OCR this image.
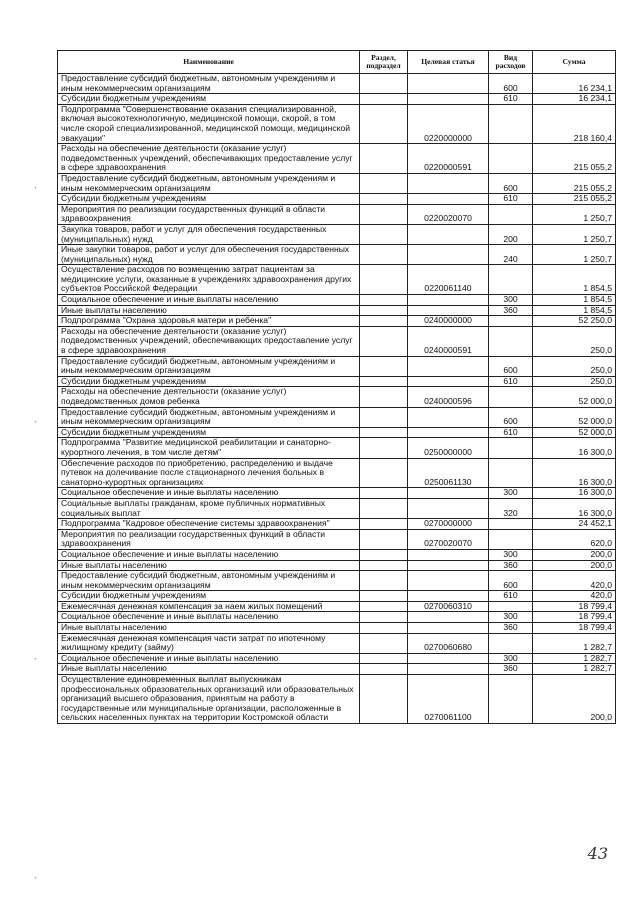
Наименование	Раздел, подраздел	Целевая статья	Вид расходов	Сумма
Предоставление субсидий бюджетным, автономным учреждениям и иным некоммерческим организациям			600	16 234,1
Субсидии бюджетным учреждениям			610	16 234,1
Подпрограмма "Совершенствование оказания специализированной, включая высокотехнологичную, медицинской помощи, скорой, в том числе скорой специализированной, медицинской помощи, медицинской эвакуации"		0220000000		218 160,4
Расходы на обеспечение деятельности (оказание услуг) подведомственных учреждений, обеспечивающих предоставление услуг в сфере здравоохранения		0220000591		215 055,2
Предоставление субсидий бюджетным, автономным учреждениям и иным некоммерческим организациям			600	215 055,2
Субсидии бюджетным учреждениям			610	215 055,2
Мероприятия по реализации государственных функций в области здравоохранения		0220020070		1 250,7
Закупка товаров, работ и услуг для обеспечения государственных (муниципальных) нужд			200	1 250,7
Иные закупки товаров, работ и услуг для обеспечения государственных (муниципальных) нужд			240	1 250,7
Осуществление расходов по возмещению затрат пациентам за медицинские услуги, оказанные в учреждениях здравоохранения других субъектов Российской Федерации		0220061140		1 854,5
Социальное обеспечение и иные выплаты населению			300	1 854,5
Иные выплаты населению			360	1 854,5
Подпрограмма "Охрана здоровья матери и ребенка"		0240000000		52 250,0
Расходы на обеспечение деятельности (оказание услуг) подведомственных учреждений, обеспечивающих предоставление услуг в сфере здравоохранения		0240000591		250,0
Предоставление субсидий бюджетным, автономным учреждениям и иным некоммерческим организациям			600	250,0
Субсидии бюджетным учреждениям			610	250,0
Расходы на обеспечение деятельности (оказание услуг) подведомственных домов ребенка		0240000596		52 000,0
Предоставление субсидий бюджетным, автономным учреждениям и иным некоммерческим организациям			600	52 000,0
Субсидии бюджетным учреждениям			610	52 000,0
Подпрограмма "Развитие медицинской реабилитации и санаторно-курортного лечения, в том числе детям"		0250000000		16 300,0
Обеспечение расходов по приобретению, распределению и выдаче путевок на долечивание после стационарного лечения больных в санаторно-курортных организациях		0250061130		16 300,0
Социальное обеспечение и иные выплаты населению			300	16 300,0
Социальные выплаты гражданам, кроме публичных нормативных социальных выплат			320	16 300,0
Подпрограмма "Кадровое обеспечение системы здравоохранения"		0270000000		24 452,1
Мероприятия по реализации государственных функций в области здравоохранения		0270020070		620,0
Социальное обеспечение и иные выплаты населению			300	200,0
Иные выплаты населению			360	200,0
Предоставление субсидий бюджетным, автономным учреждениям и иным некоммерческим организациям			600	420,0
Субсидии бюджетным учреждениям			610	420,0
Ежемесячная денежная компенсация за наем жилых помещений		0270060310		18 799,4
Социальное обеспечение и иные выплаты населению			300	18 799,4
Иные выплаты населению			360	18 799,4
Ежемесячная денежная компенсация части затрат по ипотечному жилищному кредиту (займу)		0270060680		1 282,7
Социальное обеспечение и иные выплаты населению			300	1 282,7
Иные выплаты населению			360	1 282,7
Осуществление единовременных выплат выпускникам профессиональных образовательных организаций или образовательных организаций высшего образования, принятым на работу в государственные или муниципальные организации, расположенные в сельских населенных пунктах на территории Костромской области		0270061100		200,0
`
`
`
`
43
